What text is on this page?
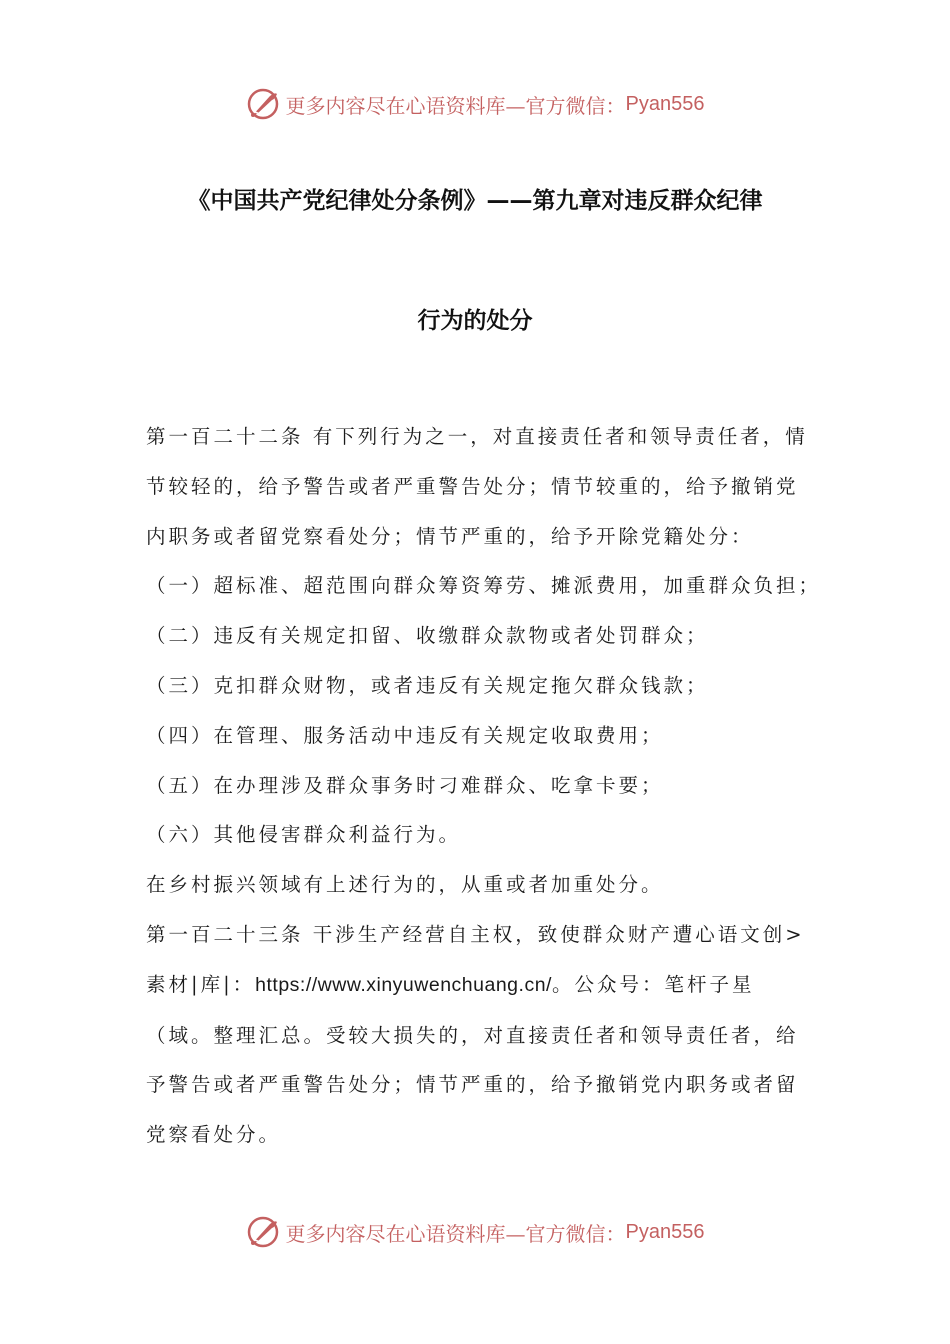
更多内容尽在心语资料库—官方微信： Pyan556
《中国共产党纪律处分条例》——第九章对违反群众纪律
行为的处分

第一百二十二条 有下列行为之一，对直接责任者和领导责任者，情

节较轻的，给予警告或者严重警告处分；情节较重的，给予撤销党

内职务或者留党察看处分；情节严重的，给予开除党籍处分：

（一）超标准、超范围向群众筹资筹劳、摊派费用，加重群众负担；

（二）违反有关规定扣留、收缴群众款物或者处罚群众；

（三）克扣群众财物，或者违反有关规定拖欠群众钱款；

（四）在管理、服务活动中违反有关规定收取费用；

（五）在办理涉及群众事务时刁难群众、吃拿卡要；

（六）其他侵害群众利益行为。

在乡村振兴领域有上述行为的，从重或者加重处分。

第一百二十三条 干涉生产经营自主权，致使群众财产遭心语文创>

素材|库|：https://www.xinyuwenchuang.cn/。公众号：笔杆子星

（域。整理汇总。受较大损失的，对直接责任者和领导责任者，给

予警告或者严重警告处分；情节严重的，给予撤销党内职务或者留

党察看处分。

更多内容尽在心语资料库—官方微信： Pyan556
